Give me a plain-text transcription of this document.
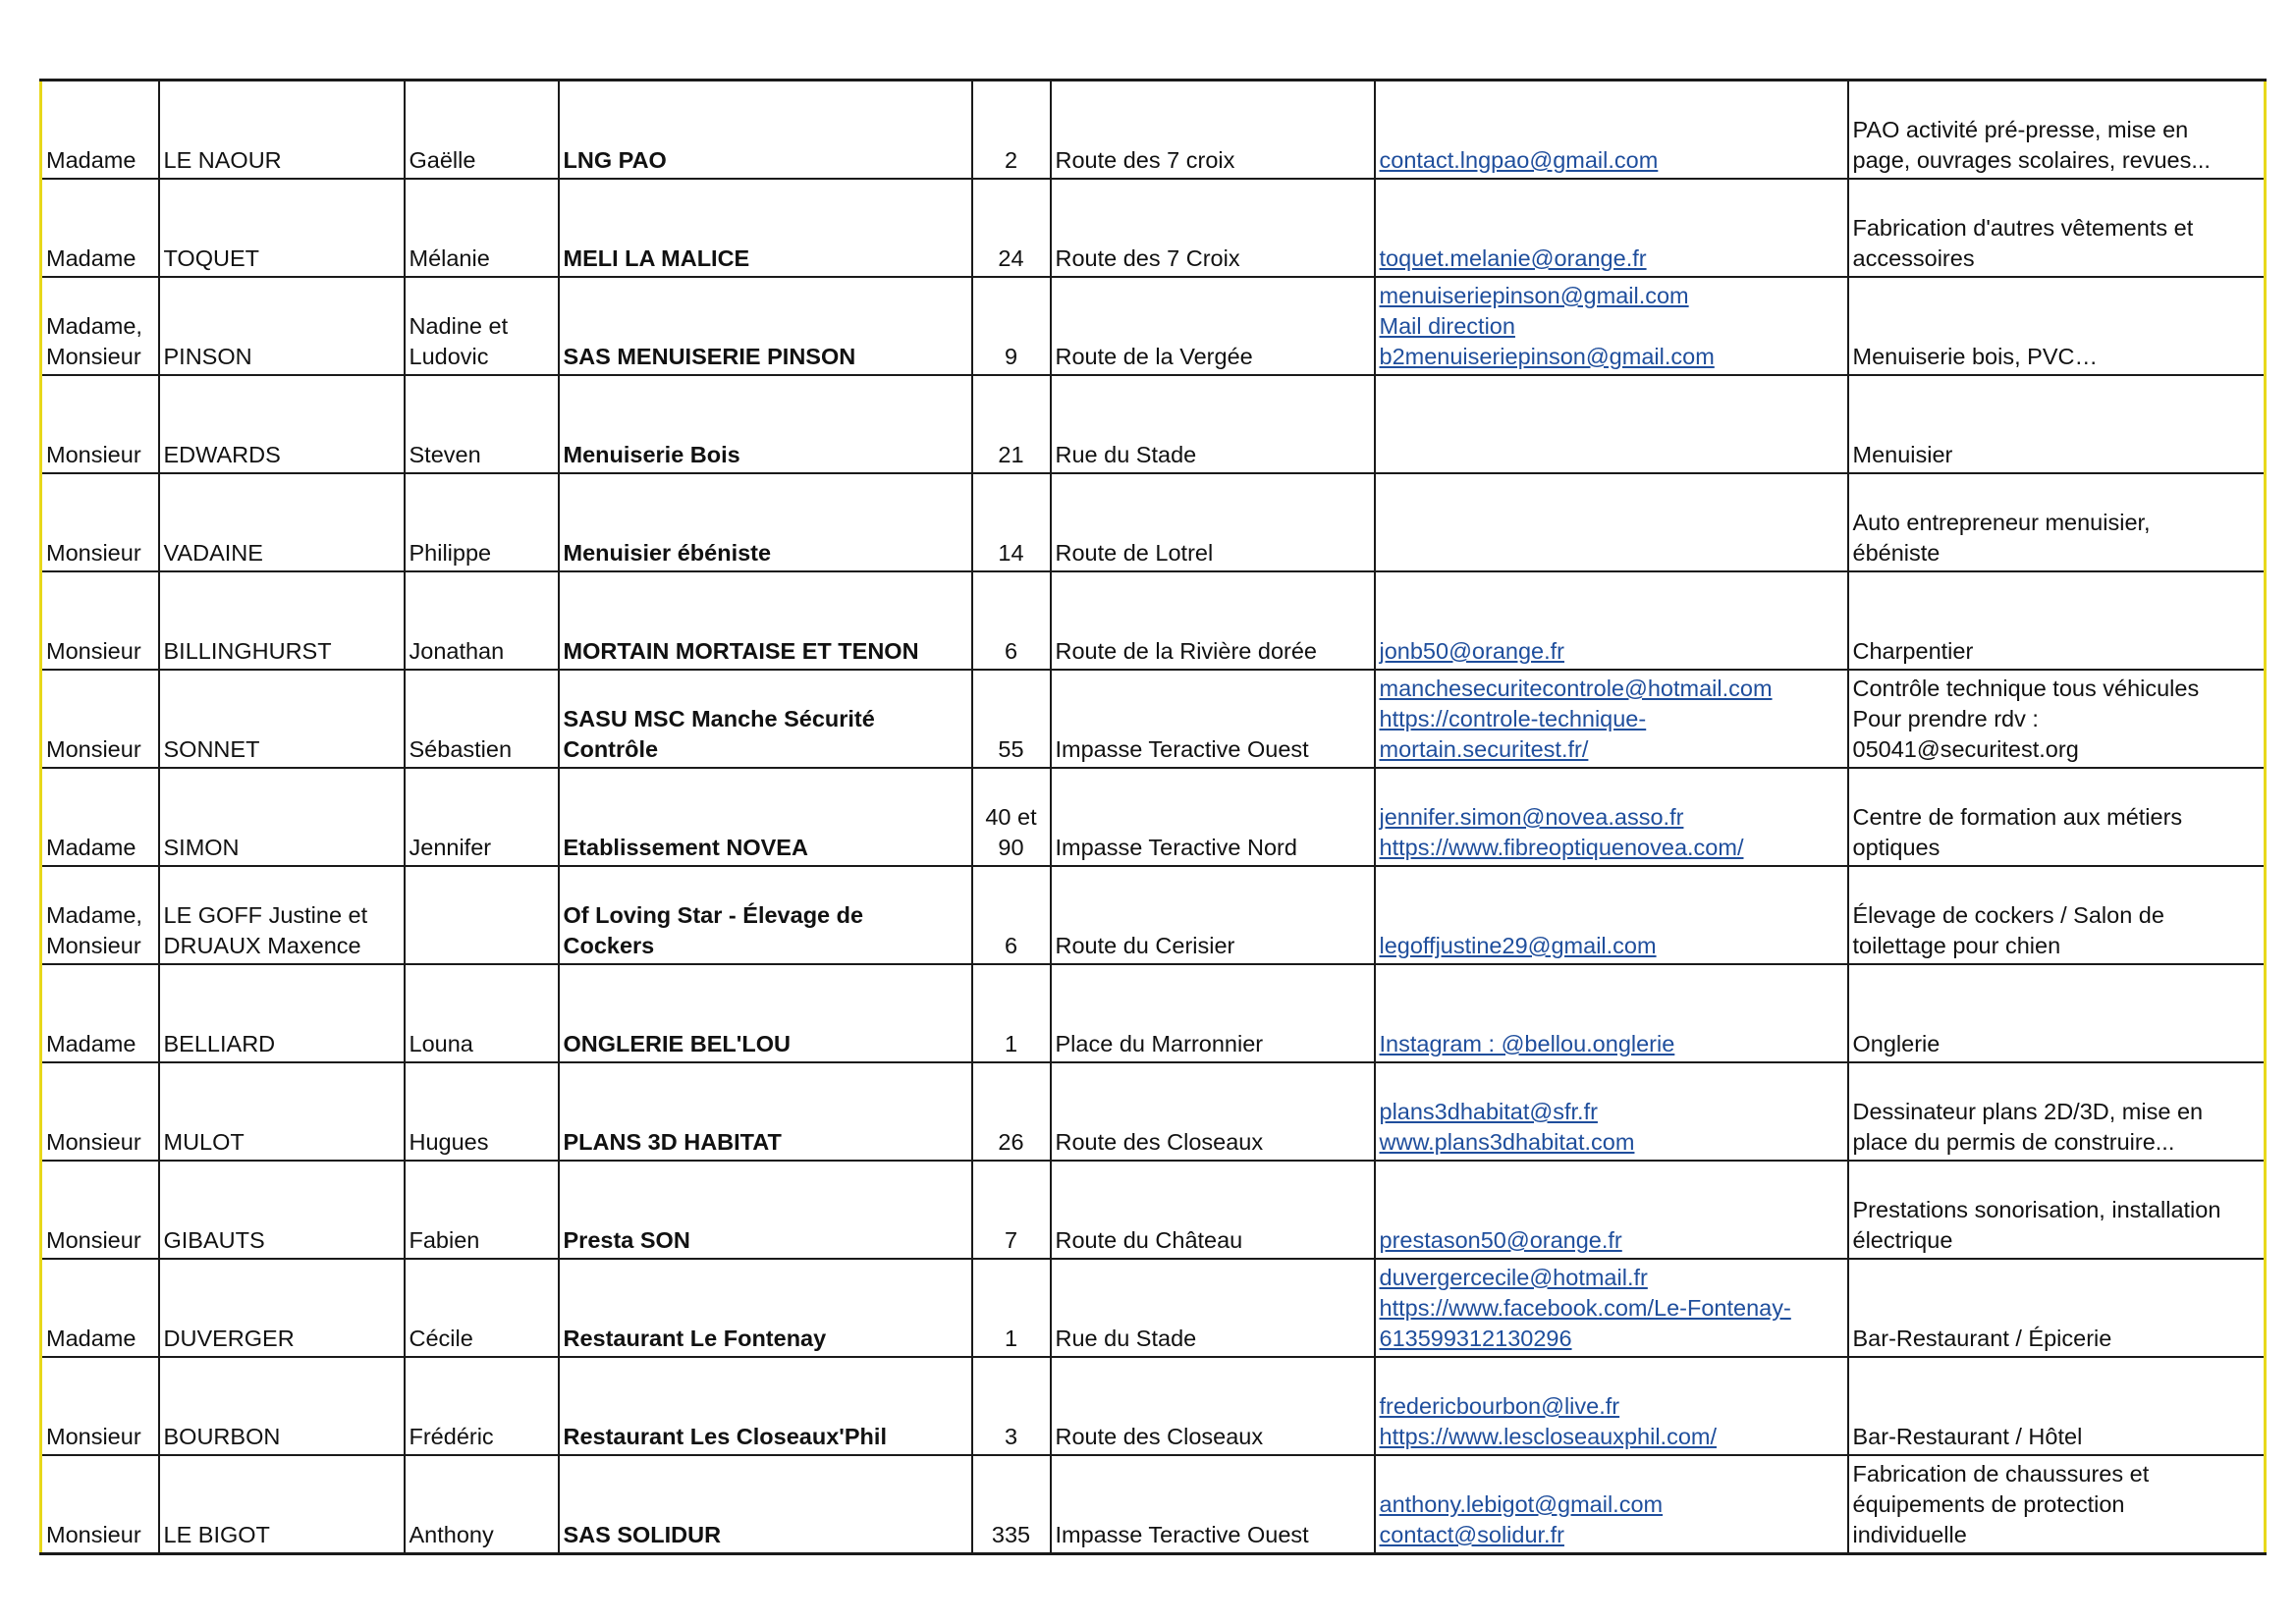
Madame	LE NAOUR	Gaëlle	LNG PAO	2	Route des 7 croix	contact.lngpao@gmail.com	PAO activité pré-presse, mise en
page, ouvrages scolaires, revues...

Madame	TOQUET	Mélanie	MELI LA MALICE	24	Route des 7 Croix	toquet.melanie@orange.fr	Fabrication d'autres vêtements et
accessoires

Madame,
Monsieur	PINSON	Nadine et
Ludovic	SAS MENUISERIE PINSON	9	Route de la Vergée	menuiseriepinson@gmail.com
Mail direction
b2menuiseriepinson@gmail.com	Menuiserie bois, PVC…

Monsieur	EDWARDS	Steven	Menuiserie Bois	21	Rue du Stade		Menuisier

Monsieur	VADAINE	Philippe	Menuisier ébéniste	14	Route de Lotrel		Auto entrepreneur menuisier,
ébéniste

Monsieur	BILLINGHURST	Jonathan	MORTAIN MORTAISE ET TENON	6	Route de la Rivière dorée	jonb50@orange.fr	Charpentier

Monsieur	SONNET	Sébastien	SASU MSC Manche Sécurité
Contrôle	55	Impasse Teractive Ouest	manchesecuritecontrole@hotmail.com
https://controle-technique-
mortain.securitest.fr/	Contrôle technique tous véhicules
Pour prendre rdv :
05041@securitest.org

Madame	SIMON	Jennifer	Etablissement NOVEA	40 et
90	Impasse Teractive Nord	jennifer.simon@novea.asso.fr
https://www.fibreoptiquenovea.com/	Centre de formation aux métiers
optiques

Madame,
Monsieur	LE GOFF Justine et
DRUAUX Maxence		Of Loving Star - Élevage de
Cockers	6	Route du Cerisier	legoffjustine29@gmail.com	Élevage de cockers / Salon de
toilettage pour chien

Madame	BELLIARD	Louna	ONGLERIE BEL'LOU	1	Place du Marronnier	Instagram : @bellou.onglerie	Onglerie

Monsieur	MULOT	Hugues	PLANS 3D HABITAT	26	Route des Closeaux	plans3dhabitat@sfr.fr
www.plans3dhabitat.com	Dessinateur plans 2D/3D, mise en
place du permis de construire...

Monsieur	GIBAUTS	Fabien	Presta SON	7	Route du Château	prestason50@orange.fr	Prestations sonorisation, installation
électrique

Madame	DUVERGER	Cécile	Restaurant Le Fontenay	1	Rue du Stade	duvergercecile@hotmail.fr
https://www.facebook.com/Le-Fontenay-
613599312130296	Bar-Restaurant / Épicerie

Monsieur	BOURBON	Frédéric	Restaurant Les Closeaux'Phil	3	Route des Closeaux	fredericbourbon@live.fr
https://www.lescloseauxphil.com/	Bar-Restaurant / Hôtel

Monsieur	LE BIGOT	Anthony	SAS SOLIDUR	335	Impasse Teractive Ouest	anthony.lebigot@gmail.com
contact@solidur.fr	Fabrication de chaussures et
équipements de protection
individuelle
